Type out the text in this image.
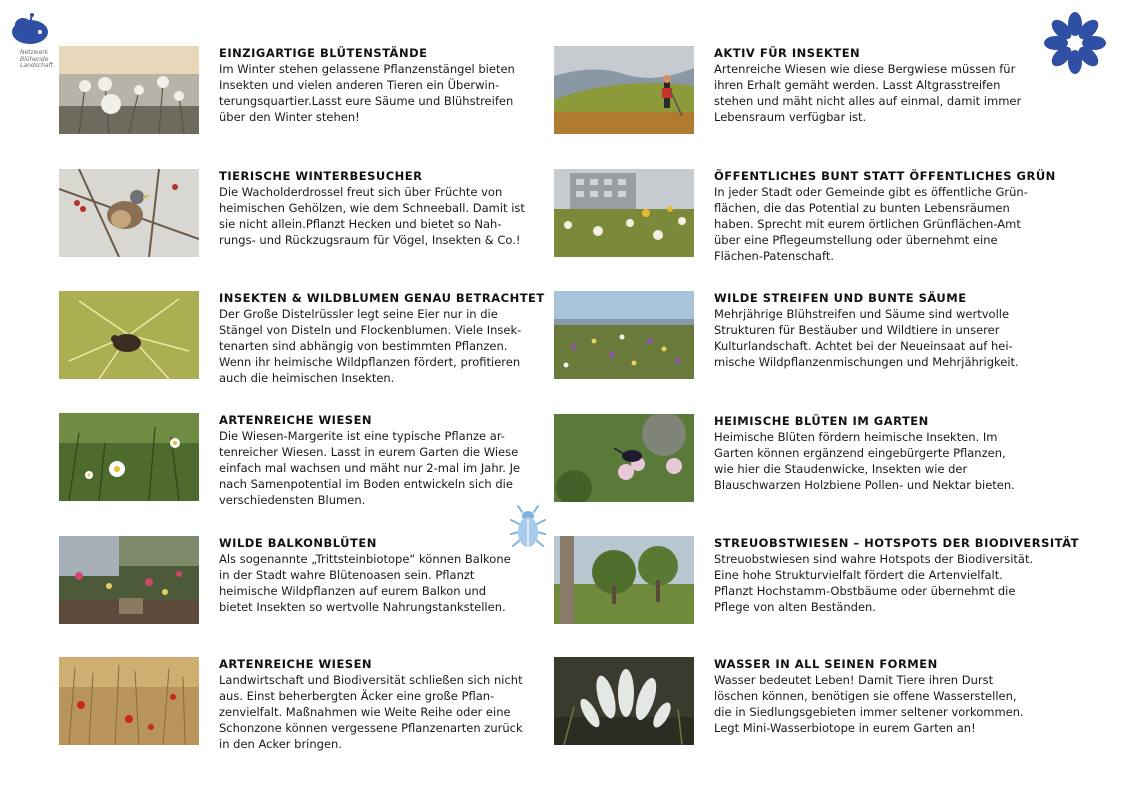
Netzwerk Blühende Landschaft
EINZIGARTIGE BLÜTENSTÄNDE

Im Winter stehen gelassene Pflanzenstängel bieten
Insekten und vielen anderen Tieren ein Überwin-
terungsquartier.Lasst eure Säume und Blühstreifen
über den Winter stehen!

TIERISCHE WINTERBESUCHER

Die Wacholderdrossel freut sich über Früchte von
heimischen Gehölzen, wie dem Schneeball. Damit ist
sie nicht allein.Pflanzt Hecken und bietet so Nah-
rungs- und Rückzugsraum für Vögel, Insekten & Co.!

INSEKTEN & WILDBLUMEN GENAU BETRACHTET

Der Große Distelrüssler legt seine Eier nur in die
Stängel von Disteln und Flockenblumen. Viele Insek-
tenarten sind abhängig von bestimmten Pflanzen.
Wenn ihr heimische Wildpflanzen fördert, profitieren
auch die heimischen Insekten.

ARTENREICHE WIESEN

Die Wiesen-Margerite ist eine typische Pflanze ar-
tenreicher Wiesen. Lasst in eurem Garten die Wiese
einfach mal wachsen und mäht nur 2-mal im Jahr. Je
nach Samenpotential im Boden entwickeln sich die
verschiedensten Blumen.

WILDE BALKONBLÜTEN

Als sogenannte „Trittsteinbiotope“ können Balkone
in der Stadt wahre Blütenoasen sein. Pflanzt
heimische Wildpflanzen auf eurem Balkon und
bietet Insekten so wertvolle Nahrungstankstellen.

ARTENREICHE WIESEN

Landwirtschaft und Biodiversität schließen sich nicht
aus. Einst beherbergten Äcker eine große Pflan-
zenvielfalt. Maßnahmen wie Weite Reihe oder eine
Schonzone können vergessene Pflanzenarten zurück
in den Acker bringen.

AKTIV FÜR INSEKTEN

Artenreiche Wiesen wie diese Bergwiese müssen für
ihren Erhalt gemäht werden. Lasst Altgrasstreifen
stehen und mäht nicht alles auf einmal, damit immer
Lebensraum verfügbar ist.

ÖFFENTLICHES BUNT STATT ÖFFENTLICHES GRÜN

In jeder Stadt oder Gemeinde gibt es öffentliche Grün-
flächen, die das Potential zu bunten Lebensräumen
haben. Sprecht mit eurem örtlichen Grünflächen-Amt
über eine Pflegeumstellung oder übernehmt eine
Flächen-Patenschaft.

WILDE STREIFEN UND BUNTE SÄUME

Mehrjährige Blühstreifen und Säume sind wertvolle
Strukturen für Bestäuber und Wildtiere in unserer
Kulturlandschaft. Achtet bei der Neueinsaat auf hei-
mische Wildpflanzenmischungen und Mehrjährigkeit.

HEIMISCHE BLÜTEN IM GARTEN

Heimische Blüten fördern heimische Insekten. Im
Garten können ergänzend eingebürgerte Pflanzen,
wie hier die Staudenwicke, Insekten wie der
Blauschwarzen Holzbiene Pollen- und Nektar bieten.

STREUOBSTWIESEN – HOTSPOTS DER BIODIVERSITÄT

Streuobstwiesen sind wahre Hotspots der Biodiversität.
Eine hohe Strukturvielfalt fördert die Artenvielfalt.
Pflanzt Hochstamm-Obstbäume oder übernehmt die
Pflege von alten Beständen.

WASSER IN ALL SEINEN FORMEN

Wasser bedeutet Leben! Damit Tiere ihren Durst
löschen können, benötigen sie offene Wasserstellen,
die in Siedlungsgebieten immer seltener vorkommen.
Legt Mini-Wasserbiotope in eurem Garten an!
